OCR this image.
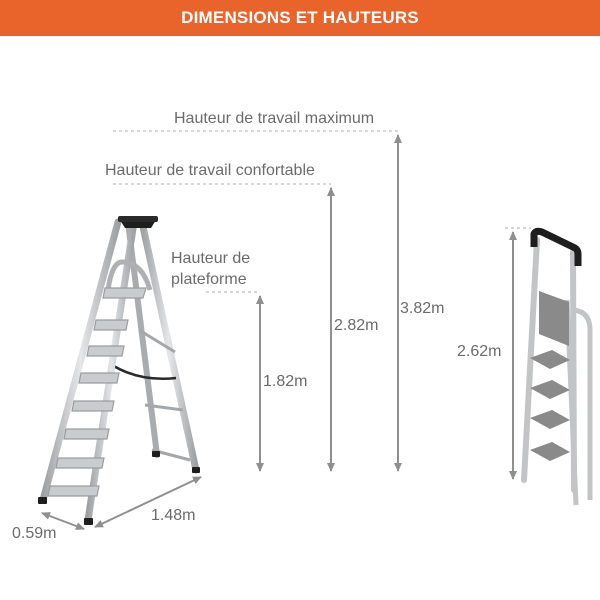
DIMENSIONS ET HAUTEURS
Hauteur de travail maximum
Hauteur de travail confortable
Hauteur de
plateforme
3.82m
2.82m
1.82m
2.62m
1.48m
0.59m
